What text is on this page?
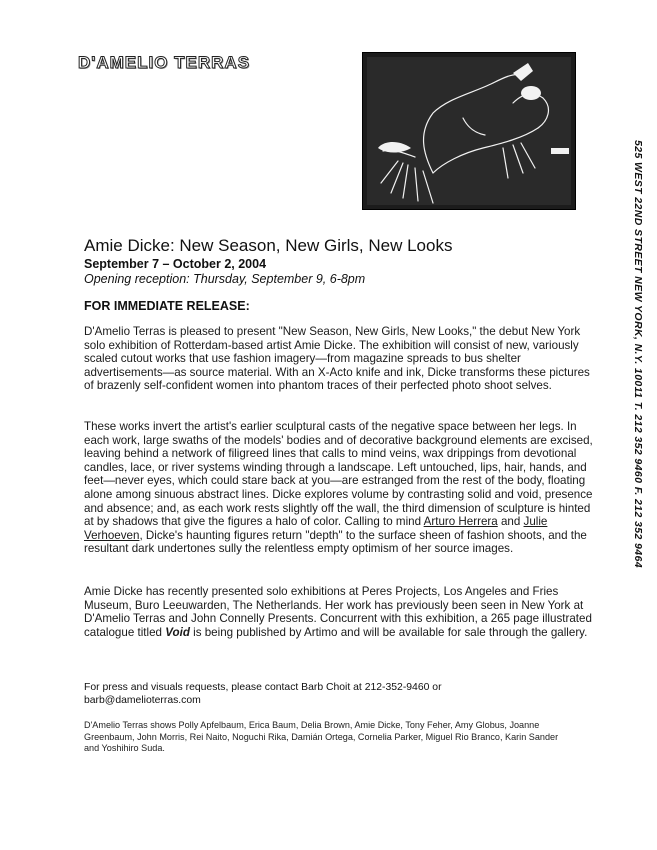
D'AMELIO TERRAS
525 WEST 22ND STREET NEW YORK, N.Y. 10011 T. 212 352 9460 F. 212 352 9464
Amie Dicke: New Season, New Girls, New Looks
September 7 – October 2, 2004
Opening reception: Thursday, September 9, 6-8pm
FOR IMMEDIATE RELEASE:

D'Amelio Terras is pleased to present "New Season, New Girls, New Looks," the debut New York solo exhibition of Rotterdam-based artist Amie Dicke. The exhibition will consist of new, variously scaled cutout works that use fashion imagery—from magazine spreads to bus shelter advertisements—as source material. With an X-Acto knife and ink, Dicke transforms these pictures of brazenly self-confident women into phantom traces of their perfected photo shoot selves.

These works invert the artist's earlier sculptural casts of the negative space between her legs. In each work, large swaths of the models' bodies and of decorative background elements are excised, leaving behind a network of filigreed lines that calls to mind veins, wax drippings from devotional candles, lace, or river systems winding through a landscape. Left untouched, lips, hair, hands, and feet—never eyes, which could stare back at you—are estranged from the rest of the body, floating alone among sinuous abstract lines. Dicke explores volume by contrasting solid and void, presence and absence; and, as each work rests slightly off the wall, the third dimension of sculpture is hinted at by shadows that give the figures a halo of color. Calling to mind Arturo Herrera and Julie Verhoeven, Dicke's haunting figures return "depth" to the surface sheen of fashion shoots, and the resultant dark undertones sully the relentless empty optimism of her source images.

Amie Dicke has recently presented solo exhibitions at Peres Projects, Los Angeles and Fries Museum, Buro Leeuwarden, The Netherlands. Her work has previously been seen in New York at D'Amelio Terras and John Connelly Presents. Concurrent with this exhibition, a 265 page illustrated catalogue titled Void is being published by Artimo and will be available for sale through the gallery.

For press and visuals requests, please contact Barb Choit at 212-352-9460 or barb@damelioterras.com
D'Amelio Terras shows Polly Apfelbaum, Erica Baum, Delia Brown, Amie Dicke, Tony Feher, Amy Globus, Joanne Greenbaum, John Morris, Rei Naito, Noguchi Rika, Damián Ortega, Cornelia Parker, Miguel Rio Branco, Karin Sander and Yoshihiro Suda.
